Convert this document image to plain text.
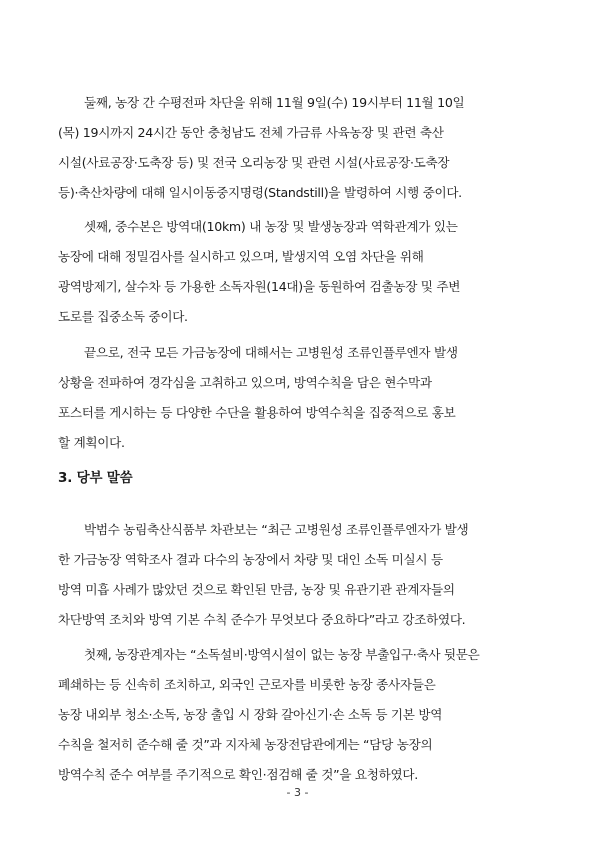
둘째, 농장 간 수평전파 차단을 위해 11월 9일(수) 19시부터 11월 10일
(목) 19시까지 24시간 동안 충청남도 전체 가금류 사육농장 및 관련 축산
시설(사료공장·도축장 등) 및 전국 오리농장 및 관련 시설(사료공장·도축장
등)·축산차량에 대해 일시이동중지명령(Standstill)을 발령하여 시행 중이다.
셋째, 중수본은 방역대(10km) 내 농장 및 발생농장과 역학관계가 있는
농장에 대해 정밀검사를 실시하고 있으며, 발생지역 오염 차단을 위해
광역방제기, 살수차 등 가용한 소독자원(14대)을 동원하여 검출농장 및 주변
도로를 집중소독 중이다.
끝으로, 전국 모든 가금농장에 대해서는 고병원성 조류인플루엔자 발생
상황을 전파하여 경각심을 고취하고 있으며, 방역수칙을 담은 현수막과
포스터를 게시하는 등 다양한 수단을 활용하여 방역수칙을 집중적으로 홍보
할 계획이다.
3. 당부 말씀
박범수 농림축산식품부 차관보는 “최근 고병원성 조류인플루엔자가 발생
한 가금농장 역학조사 결과 다수의 농장에서 차량 및 대인 소독 미실시 등
방역 미흡 사례가 많았던 것으로 확인된 만큼, 농장 및 유관기관 관계자들의
차단방역 조치와 방역 기본 수칙 준수가 무엇보다 중요하다”라고 강조하였다.
첫째, 농장관계자는 “소독설비·방역시설이 없는 농장 부출입구·축사 뒷문은
폐쇄하는 등 신속히 조치하고, 외국인 근로자를 비롯한 농장 종사자들은
농장 내외부 청소·소독, 농장 출입 시 장화 갈아신기·손 소독 등 기본 방역
수칙을 철저히 준수해 줄 것”과 지자체 농장전담관에게는 “담당 농장의
방역수칙 준수 여부를 주기적으로 확인·점검해 줄 것”을 요청하였다.
- 3 -
